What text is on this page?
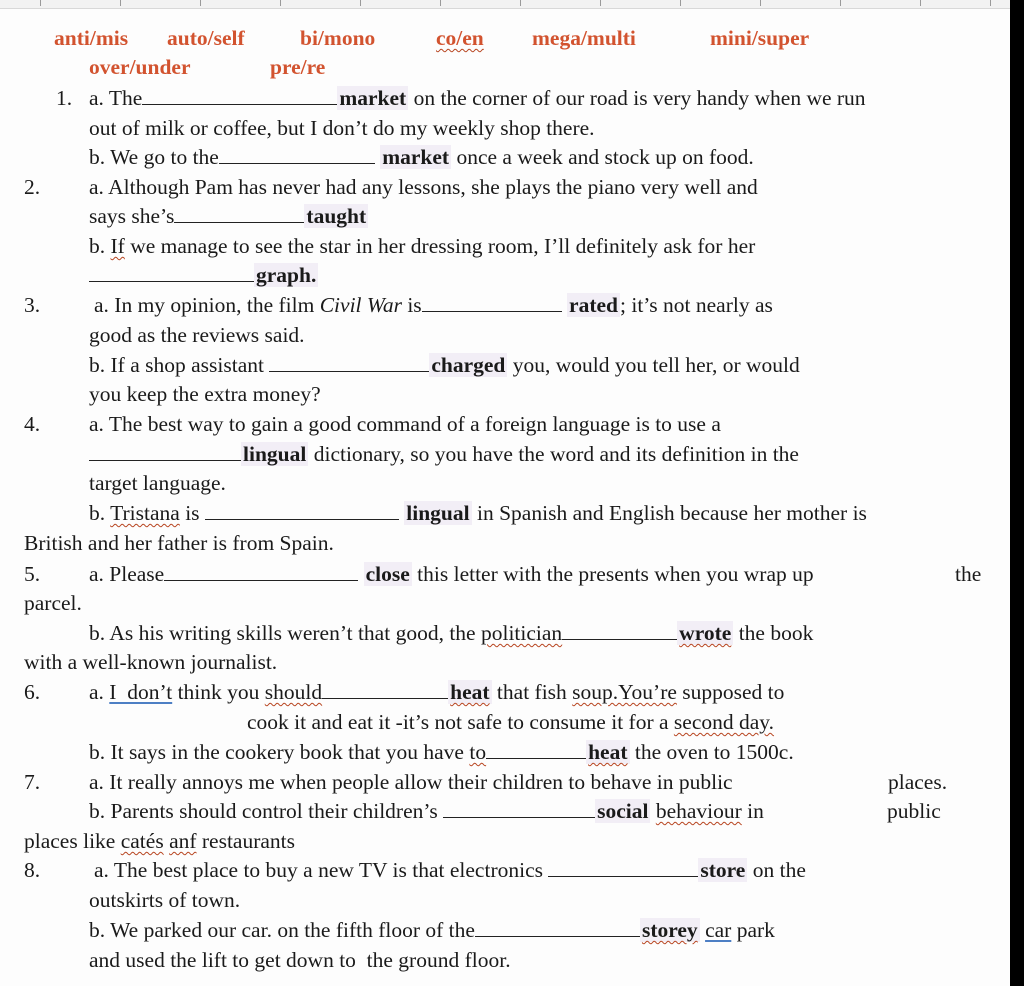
anti/mis auto/self	bi/mono	co/en mega/multi	mini/super
over/under	pre/re
1. a. The	market on the corner of our road is very handy when we run
out of milk or coffee, but I don’t do my weekly shop there.
b. We go to the	market once a week and stock up on food.
2. a. Although Pam has never had any lessons, she plays the piano very well and
says she’s	taught
b. If we manage to see the star in her dressing room, I’ll definitely ask for her
graph.
3.	a. In my opinion, the film Civil War is	rated; it’s not nearly as
good as the reviews said.
b. If a shop assistant	charged you, would you tell her, or would
you keep the extra money?
4. a. The best way to gain a good command of a foreign language is to use a
lingual dictionary, so you have the word and its definition in the
target language.
b. Tristana is	lingual in Spanish and English because her mother is
British and her father is from Spain.
5. a. Please	close this letter with the presents when you wrap up	the
parcel.
b. As his writing skills weren’t that good, the politician	wrote the book
with a well-known journalist.
6. a. I  don’t think you should	heat that fish soup.You’re supposed to
cook it and eat it -it’s not safe to consume it for a second day.
b. It says in the cookery book that you have to	heat the oven to 1500c.
7. a. It really annoys me when people allow their children to behave in public	places.
b. Parents should control their children’s	social behaviour in	public
places like catés anf restaurants
8.	a. The best place to buy a new TV is that electronics	store on the
outskirts of town.
b. We parked our car. on the fifth floor of the	storey car park
and used the lift to get down to  the ground floor.
